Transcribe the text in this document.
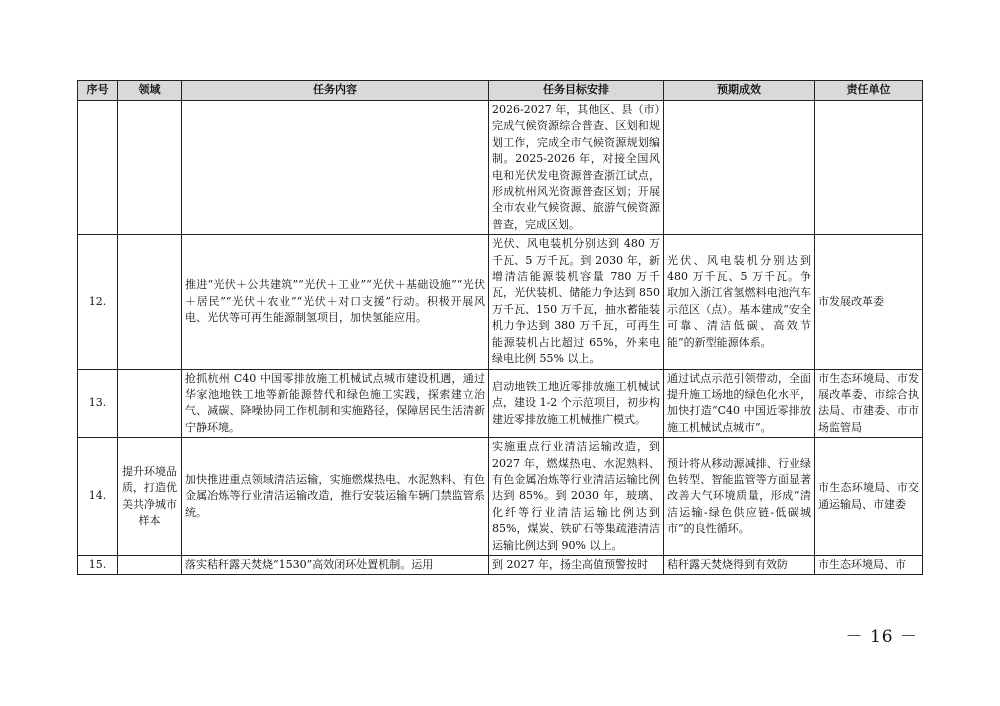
序号	领域	任务内容	任务目标安排	预期成效	责任单位
			2026-2027 年，其他区、县（市）完成气候资源综合普查、区划和规划工作，完成全市气候资源规划编制。2025-2026 年，对接全国风电和光伏发电资源普查浙江试点，形成杭州风光资源普查区划；开展全市农业气候资源、旅游气候资源普查，完成区划。		
12.		推进“光伏＋公共建筑”“光伏＋工业”“光伏＋基础设施”“光伏＋居民”“光伏＋农业”“光伏＋对口支援”行动。积极开展风电、光伏等可再生能源制氢项目，加快氢能应用。	光伏、风电装机分别达到 480 万千瓦、5 万千瓦。到 2030 年，新增清洁能源装机容量 780 万千瓦，光伏装机、储能力争达到 850 万千瓦、150 万千瓦，抽水蓄能装机力争达到 380 万千瓦，可再生能源装机占比超过 65%，外来电绿电比例 55% 以上。	光伏、风电装机分别达到 480 万千瓦、5 万千瓦。争取加入浙江省氢燃料电池汽车示范区（点）。基本建成“安全可靠、清洁低碳、高效节能”的新型能源体系。	市发展改革委
13.		抢抓杭州 C40 中国零排放施工机械试点城市建设机遇，通过华家池地铁工地等新能源替代和绿色施工实践，探索建立治气、减碳、降噪协同工作机制和实施路径，保障居民生活清新宁静环境。	启动地铁工地近零排放施工机械试点，建设 1-2 个示范项目，初步构建近零排放施工机械推广模式。	通过试点示范引领带动，全面提升施工场地的绿色化水平，加快打造“C40 中国近零排放施工机械试点城市”。	市生态环境局、市发展改革委、市综合执法局、市建委、市市场监管局
14.	提升环境品质，打造优美共净城市样本	加快推进重点领域清洁运输，实施燃煤热电、水泥熟料、有色金属冶炼等行业清洁运输改造，推行安装运输车辆门禁监管系统。	实施重点行业清洁运输改造，到 2027 年，燃煤热电、水泥熟料、有色金属冶炼等行业清洁运输比例达到 85%。到 2030 年，玻璃、化纤等行业清洁运输比例达到 85%，煤炭、铁矿石等集疏港清洁运输比例达到 90% 以上。	预计将从移动源减排、行业绿色转型、智能监管等方面显著改善大气环境质量，形成“清洁运输-绿色供应链-低碳城市”的良性循环。	市生态环境局、市交通运输局、市建委
15.		落实秸秆露天焚烧“1530”高效闭环处置机制。运用	到 2027 年，扬尘高值预警按时	秸秆露天焚烧得到有效防	市生态环境局、市
－ 16 －
